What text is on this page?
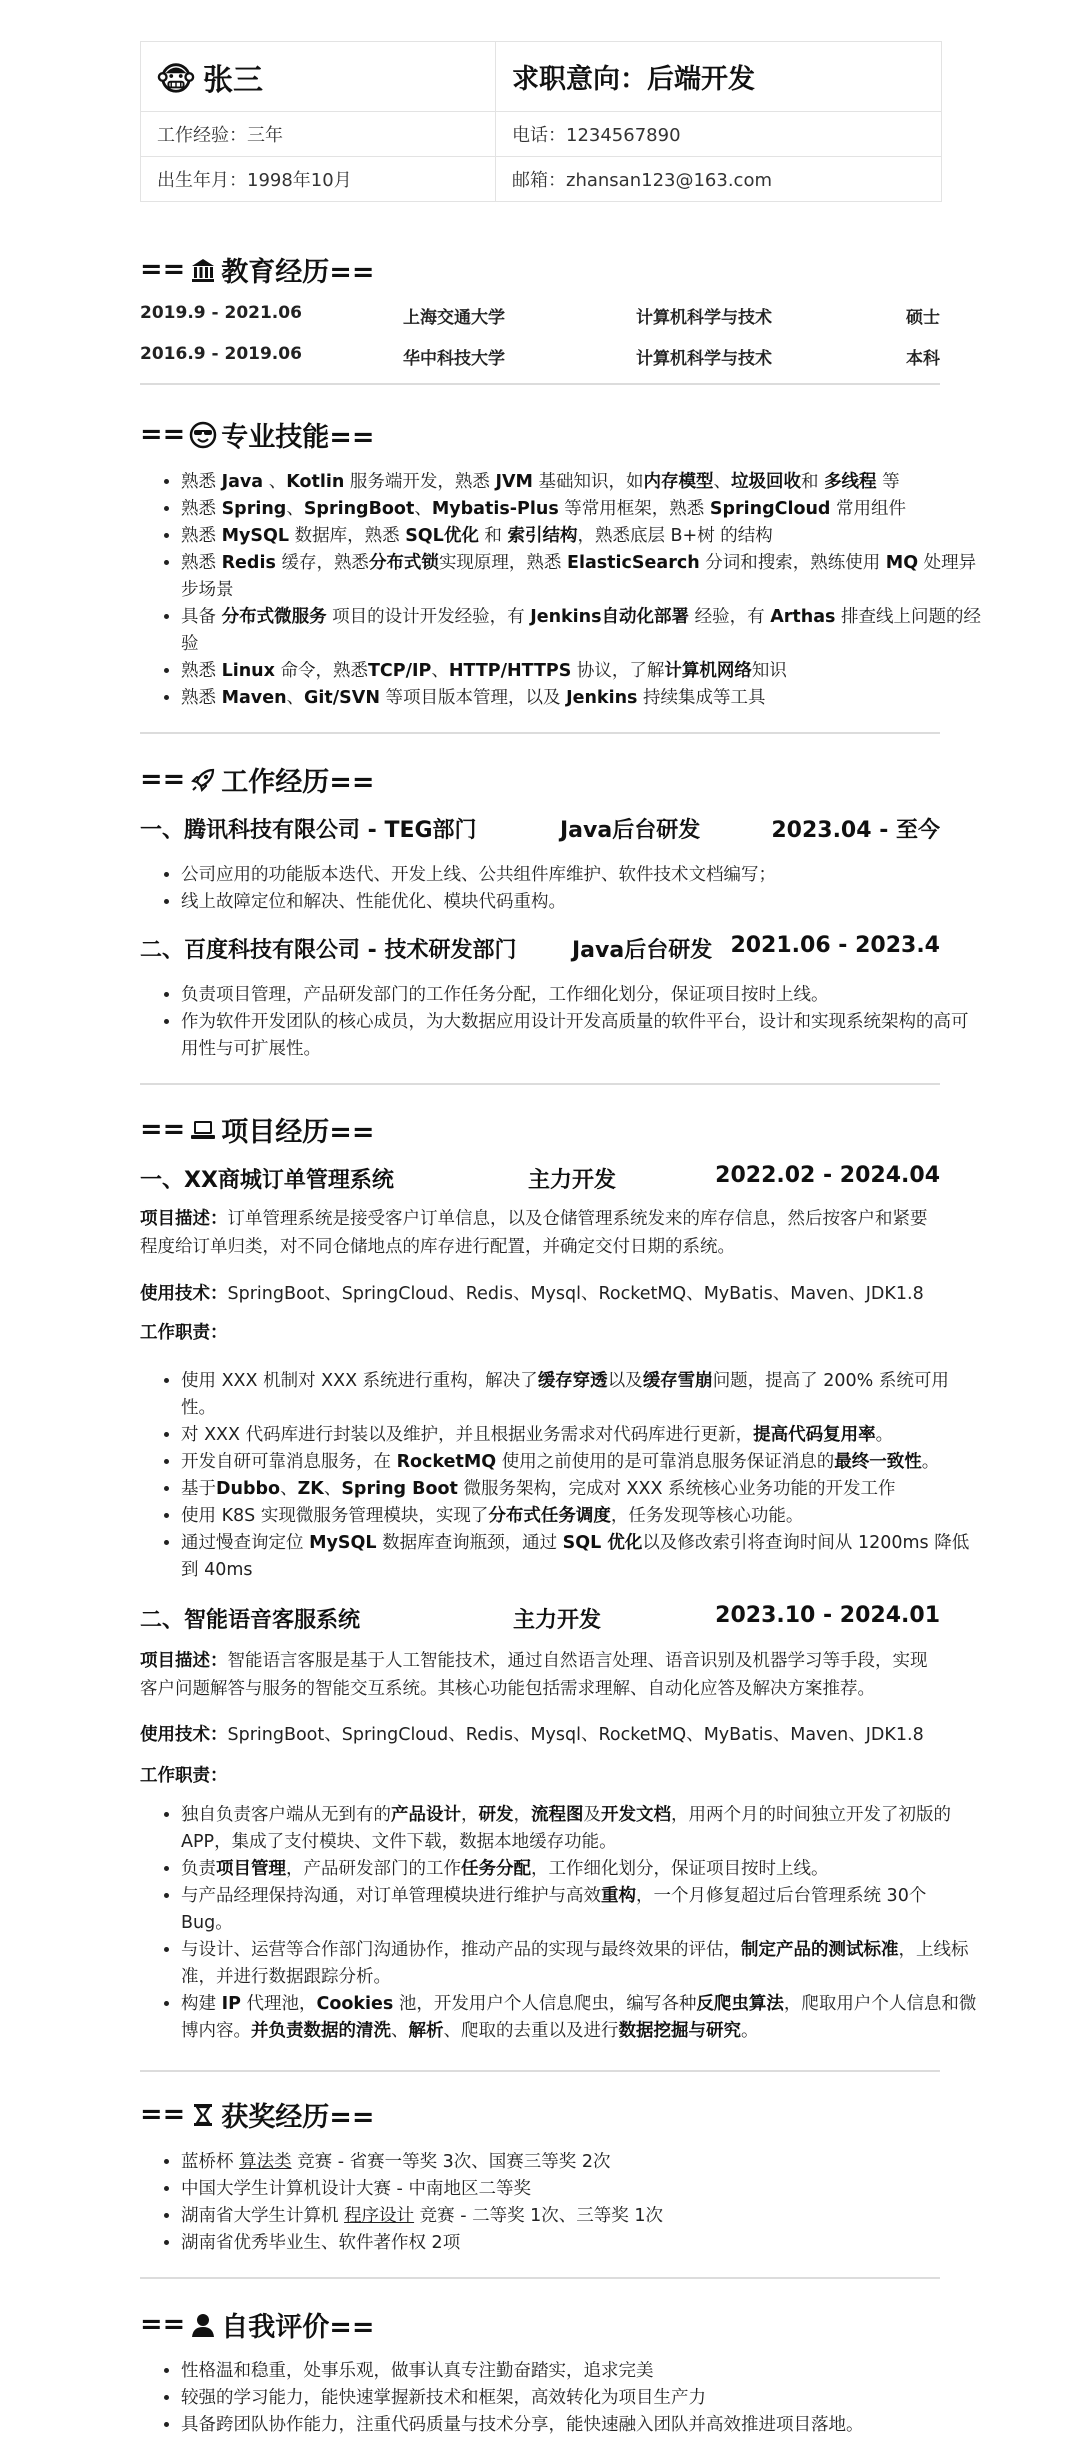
张三	求职意向：后端开发
工作经验：三年	电话：1234567890
出生年月：1998年10月	邮箱：zhansan123@163.com
== 教育经历==
2019.9 - 2021.06	上海交通大学	计算机科学与技术	硕士
2016.9 - 2019.06	华中科技大学	计算机科学与技术	本科
== 专业技能==
• 熟悉 Java 、Kotlin 服务端开发，熟悉 JVM 基础知识，如内存模型、垃圾回收和 多线程 等
• 熟悉 Spring、SpringBoot、Mybatis-Plus 等常用框架，熟悉 SpringCloud 常用组件
• 熟悉 MySQL 数据库，熟悉 SQL优化 和 索引结构，熟悉底层 B+树 的结构
• 熟悉 Redis 缓存，熟悉分布式锁实现原理，熟悉 ElasticSearch 分词和搜索，熟练使用 MQ 处理异步场景
• 具备 分布式微服务 项目的设计开发经验，有 Jenkins自动化部署 经验，有 Arthas 排查线上问题的经验
• 熟悉 Linux 命令，熟悉TCP/IP、HTTP/HTTPS 协议，了解计算机网络知识
• 熟悉 Maven、Git/SVN 等项目版本管理，以及 Jenkins 持续集成等工具
== 工作经历==
一、腾讯科技有限公司 - TEG部门	Java后台研发	2023.04 - 至今
• 公司应用的功能版本迭代、开发上线、公共组件库维护、软件技术文档编写；
• 线上故障定位和解决、性能优化、模块代码重构。
二、百度科技有限公司 - 技术研发部门	Java后台研发 2021.06 - 2023.4
• 负责项目管理，产品研发部门的工作任务分配，工作细化划分，保证项目按时上线。
• 作为软件开发团队的核心成员，为大数据应用设计开发高质量的软件平台，设计和实现系统架构的高可用性与可扩展性。
== 项目经历==
一、XX商城订单管理系统	主力开发	2022.02 - 2024.04
项目描述：订单管理系统是接受客户订单信息，以及仓储管理系统发来的库存信息，然后按客户和紧要程度给订单归类，对不同仓储地点的库存进行配置，并确定交付日期的系统。
使用技术：SpringBoot、SpringCloud、Redis、Mysql、RocketMQ、MyBatis、Maven、JDK1.8
工作职责：
• 使用 XXX 机制对 XXX 系统进行重构，解决了缓存穿透以及缓存雪崩问题，提高了 200% 系统可用性。
• 对 XXX 代码库进行封装以及维护，并且根据业务需求对代码库进行更新，提高代码复用率。
• 开发自研可靠消息服务，在 RocketMQ 使用之前使用的是可靠消息服务保证消息的最终一致性。
• 基于Dubbo、ZK、Spring Boot 微服务架构，完成对 XXX 系统核心业务功能的开发工作
• 使用 K8S 实现微服务管理模块，实现了分布式任务调度，任务发现等核心功能。
• 通过慢查询定位 MySQL 数据库查询瓶颈，通过 SQL 优化以及修改索引将查询时间从 1200ms 降低到 40ms
二、智能语音客服系统	主力开发	2023.10 - 2024.01
项目描述：智能语言客服是基于人工智能技术，通过自然语言处理、语音识别及机器学习等手段，实现客户问题解答与服务的智能交互系统。其核心功能包括需求理解、自动化应答及解决方案推荐。
使用技术：SpringBoot、SpringCloud、Redis、Mysql、RocketMQ、MyBatis、Maven、JDK1.8
工作职责：
• 独自负责客户端从无到有的产品设计，研发，流程图及开发文档，用两个月的时间独立开发了初版的 APP，集成了支付模块、文件下载，数据本地缓存功能。
• 负责项目管理，产品研发部门的工作任务分配，工作细化划分，保证项目按时上线。
• 与产品经理保持沟通，对订单管理模块进行维护与高效重构，一个月修复超过后台管理系统 30个 Bug。
• 与设计、运营等合作部门沟通协作，推动产品的实现与最终效果的评估，制定产品的测试标准，上线标准，并进行数据跟踪分析。
• 构建 IP 代理池，Cookies 池，开发用户个人信息爬虫，编写各种反爬虫算法，爬取用户个人信息和微博内容。并负责数据的清洗、解析、爬取的去重以及进行数据挖掘与研究。
== 获奖经历==
• 蓝桥杯 算法类 竞赛 - 省赛一等奖 3次、国赛三等奖 2次
• 中国大学生计算机设计大赛 - 中南地区二等奖
• 湖南省大学生计算机 程序设计 竞赛 - 二等奖 1次、三等奖 1次
• 湖南省优秀毕业生、软件著作权 2项
== 自我评价==
• 性格温和稳重，处事乐观，做事认真专注勤奋踏实，追求完美
• 较强的学习能力，能快速掌握新技术和框架，高效转化为项目生产力
• 具备跨团队协作能力，注重代码质量与技术分享，能快速融入团队并高效推进项目落地。
